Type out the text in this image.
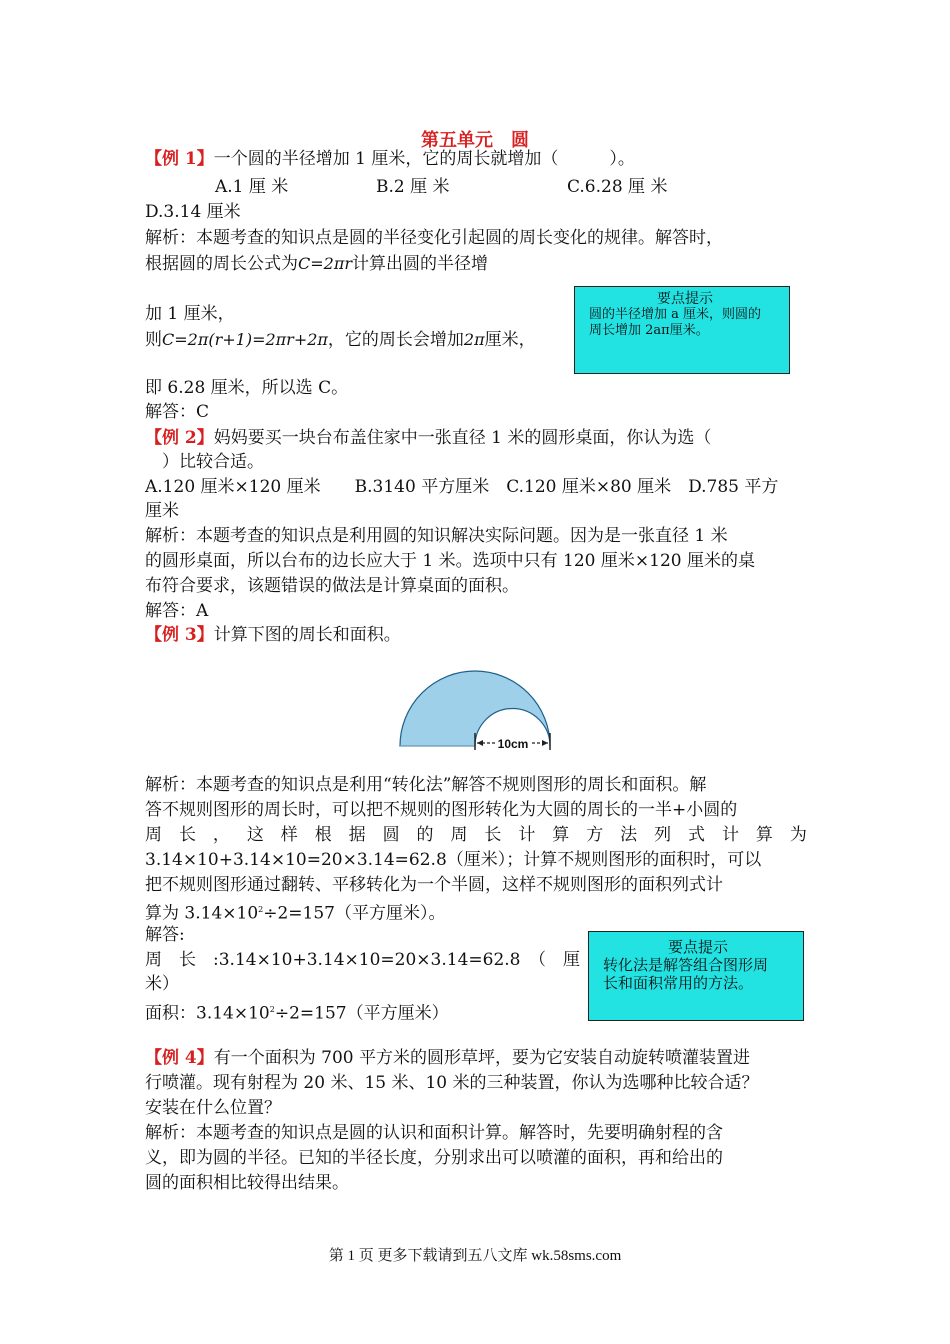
第五单元　圆
【例 1】一个圆的半径增加 1 厘米，它的周长就增加（　　　）。
A.1 厘 米	B.2 厘 米	C.6.28 厘 米
D.3.14 厘米
解析：本题考查的知识点是圆的半径变化引起圆的周长变化的规律。解答时，
根据圆的周长公式为C=2πr计算出圆的半径增
加 1 厘米，
则C=2π(r+1)=2πr+2π，它的周长会增加2π厘米，
即 6.28 厘米，所以选 C。
解答：C
要点提示
圆的半径增加 a 厘米，则圆的
周长增加 2aπ厘米。
【例 2】妈妈要买一块台布盖住家中一张直径 1 米的圆形桌面，你认为选（
）比较合适。
A.120 厘米×120 厘米　　B.3140 平方厘米　C.120 厘米×80 厘米　D.785 平方
厘米
解析：本题考查的知识点是利用圆的知识解决实际问题。因为是一张直径 1 米
的圆形桌面，所以台布的边长应大于 1 米。选项中只有 120 厘米×120 厘米的桌
布符合要求，该题错误的做法是计算桌面的面积。
解答：A
【例 3】计算下图的周长和面积。
10cm
解析：本题考查的知识点是利用“转化法”解答不规则图形的周长和面积。解
答不规则图形的周长时，可以把不规则的图形转化为大圆的周长的一半+小圆的
周 长 ， 这 样 根 据 圆 的 周 长 计 算 方 法 列 式 计 算 为
3.14×10+3.14×10=20×3.14=62.8（厘米）；计算不规则图形的面积时，可以
把不规则图形通过翻转、平移转化为一个半圆，这样不规则图形的面积列式计
算为 $3.14\times 10^2\div 2=157$（平方厘米）。
解答:
周　长　:3.14×10+3.14×10=20×3.14=62.8　（　厘
米）
面积：$3.14\times 10^2\div 2=157$（平方厘米）
要点提示
转化法是解答组合图形周
长和面积常用的方法。
【例 4】有一个面积为 700 平方米的圆形草坪，要为它安装自动旋转喷灌装置进
行喷灌。现有射程为 20 米、15 米、10 米的三种装置，你认为选哪种比较合适？
安装在什么位置？
解析：本题考查的知识点是圆的认识和面积计算。解答时，先要明确射程的含
义，即为圆的半径。已知的半径长度，分别求出可以喷灌的面积，再和给出的
圆的面积相比较得出结果。
第 1 页 更多下载请到五八文库 wk.58sms.com
